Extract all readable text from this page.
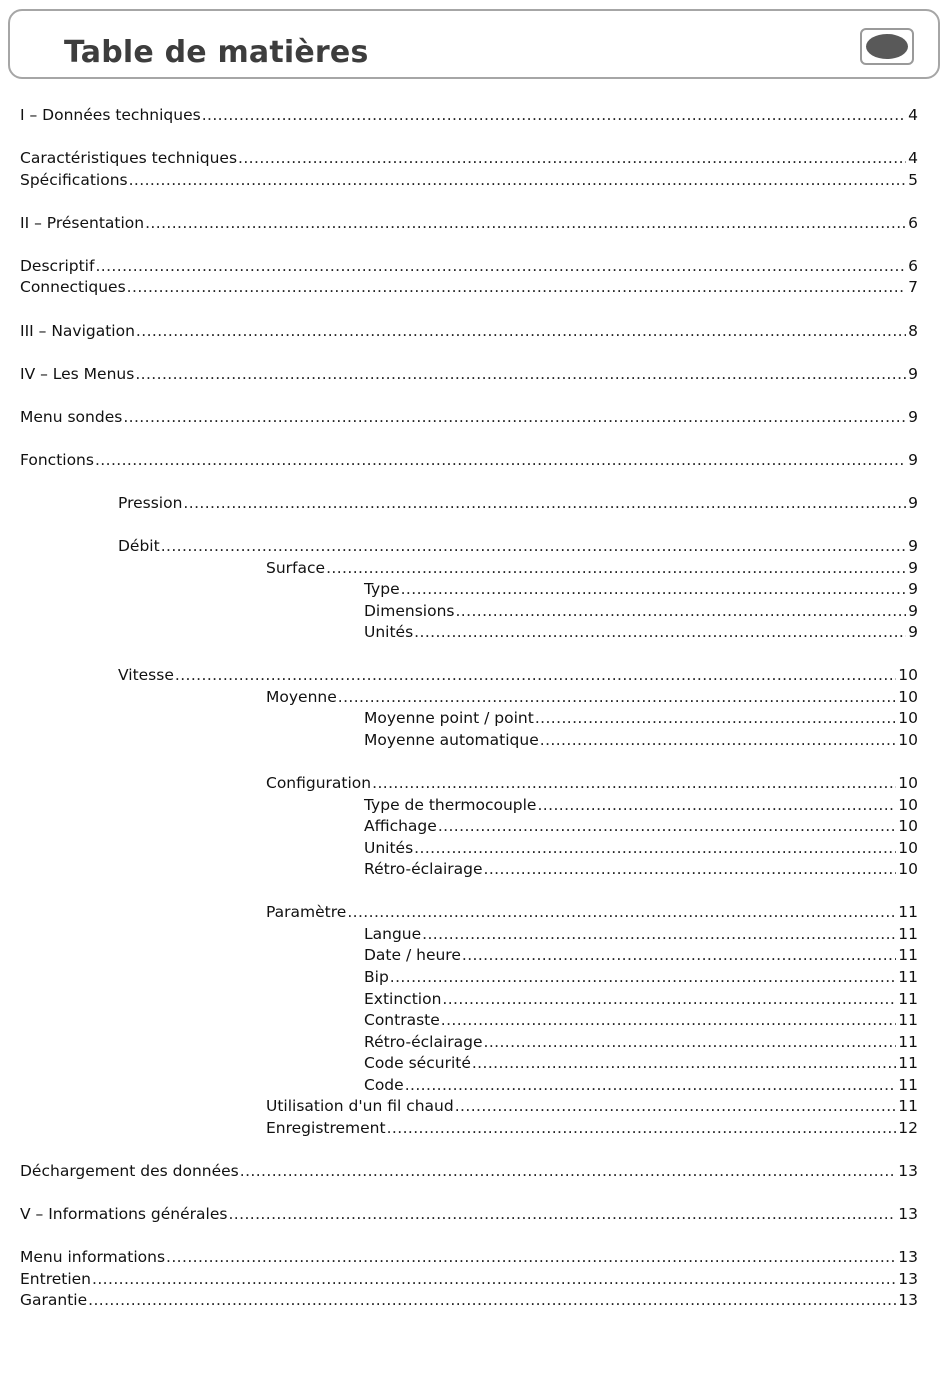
Table de matières
I – Données techniques .....	4
Caractéristiques techniques .....	4
Spécifications .....	5
II – Présentation .....	6
Descriptif .....	6
Connectiques .....	7
III – Navigation .....	8
IV – Les Menus .....	9
Menu sondes .....	9
Fonctions .....	9
Pression .....	9
Débit .....	9
Surface .....	9
Type .....	9
Dimensions .....	9
Unités .....	9
Vitesse .....	10
Moyenne .....	10
Moyenne point / point .....	10
Moyenne automatique .....	10
Configuration .....	10
Type de thermocouple .....	10
Affichage .....	10
Unités .....	10
Rétro-éclairage .....	10
Paramètre .....	11
Langue .....	11
Date / heure .....	11
Bip .....	11
Extinction .....	11
Contraste .....	11
Rétro-éclairage .....	11
Code sécurité .....	11
Code .....	11
Utilisation d'un fil chaud .....	11
Enregistrement .....	12
Déchargement des données .....	13
V – Informations générales .....	13
Menu informations .....	13
Entretien .....	13
Garantie .....	13
